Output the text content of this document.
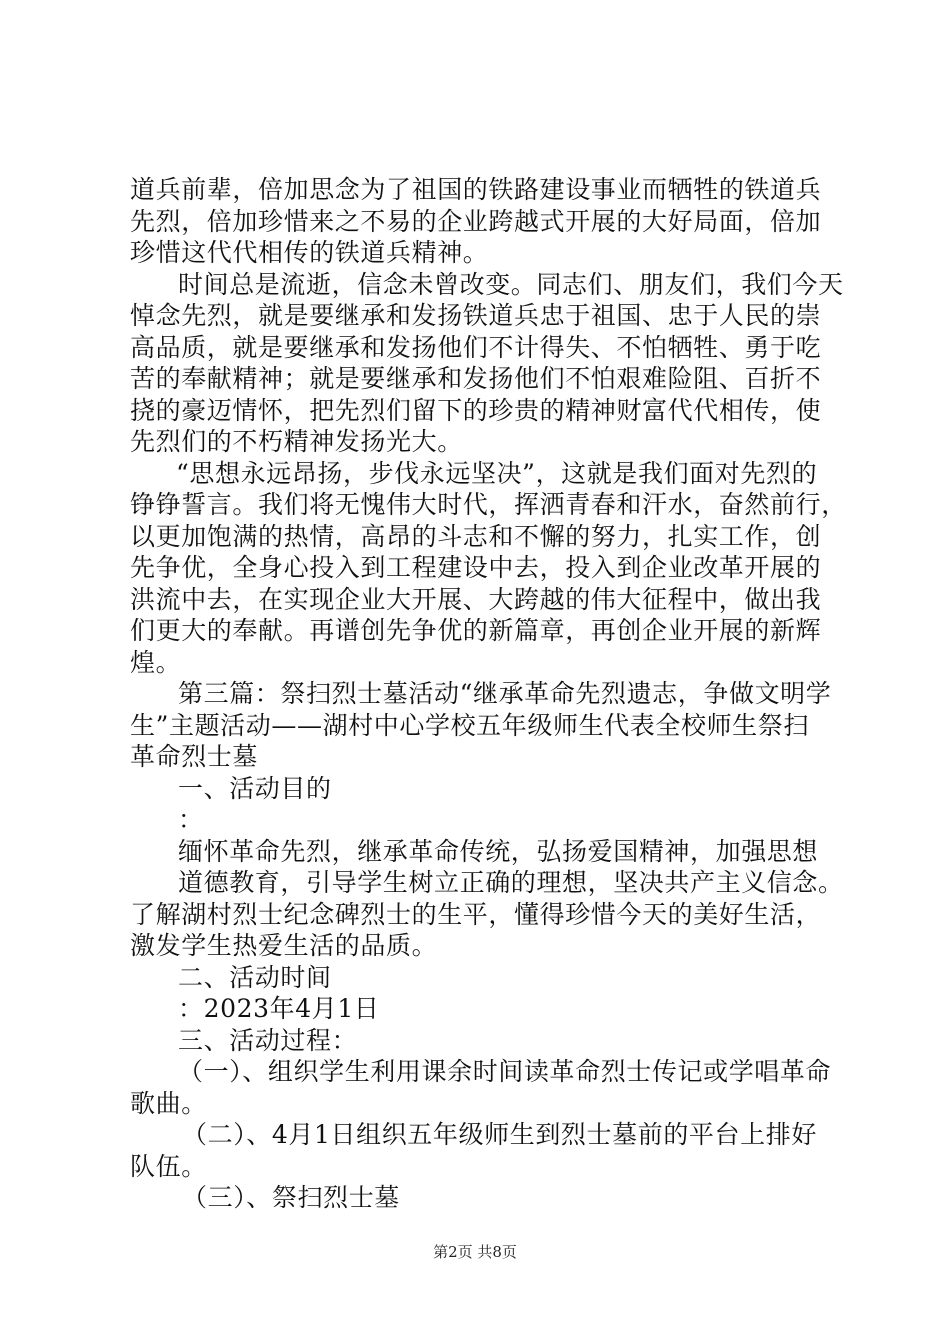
道兵前辈，倍加思念为了祖国的铁路建设事业而牺牲的铁道兵
先烈，倍加珍惜来之不易的企业跨越式开展的大好局面，倍加
珍惜这代代相传的铁道兵精神。
时间总是流逝，信念未曾改变。同志们、朋友们，我们今天
悼念先烈，就是要继承和发扬铁道兵忠于祖国、忠于人民的崇
高品质，就是要继承和发扬他们不计得失、不怕牺牲、勇于吃
苦的奉献精神；就是要继承和发扬他们不怕艰难险阻、百折不
挠的豪迈情怀，把先烈们留下的珍贵的精神财富代代相传，使
先烈们的不朽精神发扬光大。
“思想永远昂扬，步伐永远坚决”，这就是我们面对先烈的
铮铮誓言。我们将无愧伟大时代，挥洒青春和汗水，奋然前行，
以更加饱满的热情，高昂的斗志和不懈的努力，扎实工作，创
先争优，全身心投入到工程建设中去，投入到企业改革开展的
洪流中去，在实现企业大开展、大跨越的伟大征程中，做出我
们更大的奉献。再谱创先争优的新篇章，再创企业开展的新辉
煌。
第三篇：祭扫烈士墓活动“继承革命先烈遗志，争做文明学
生”主题活动——湖村中心学校五年级师生代表全校师生祭扫
革命烈士墓
一、活动目的
：
缅怀革命先烈，继承革命传统，弘扬爱国精神，加强思想
道德教育，引导学生树立正确的理想，坚决共产主义信念。
了解湖村烈士纪念碑烈士的生平，懂得珍惜今天的美好生活，
激发学生热爱生活的品质。
二、活动时间
：2023年4月1日
三、活动过程：
（一）、组织学生利用课余时间读革命烈士传记或学唱革命
歌曲。
（二）、4月1日组织五年级师生到烈士墓前的平台上排好
队伍。
（三）、祭扫烈士墓
第2页 共8页
